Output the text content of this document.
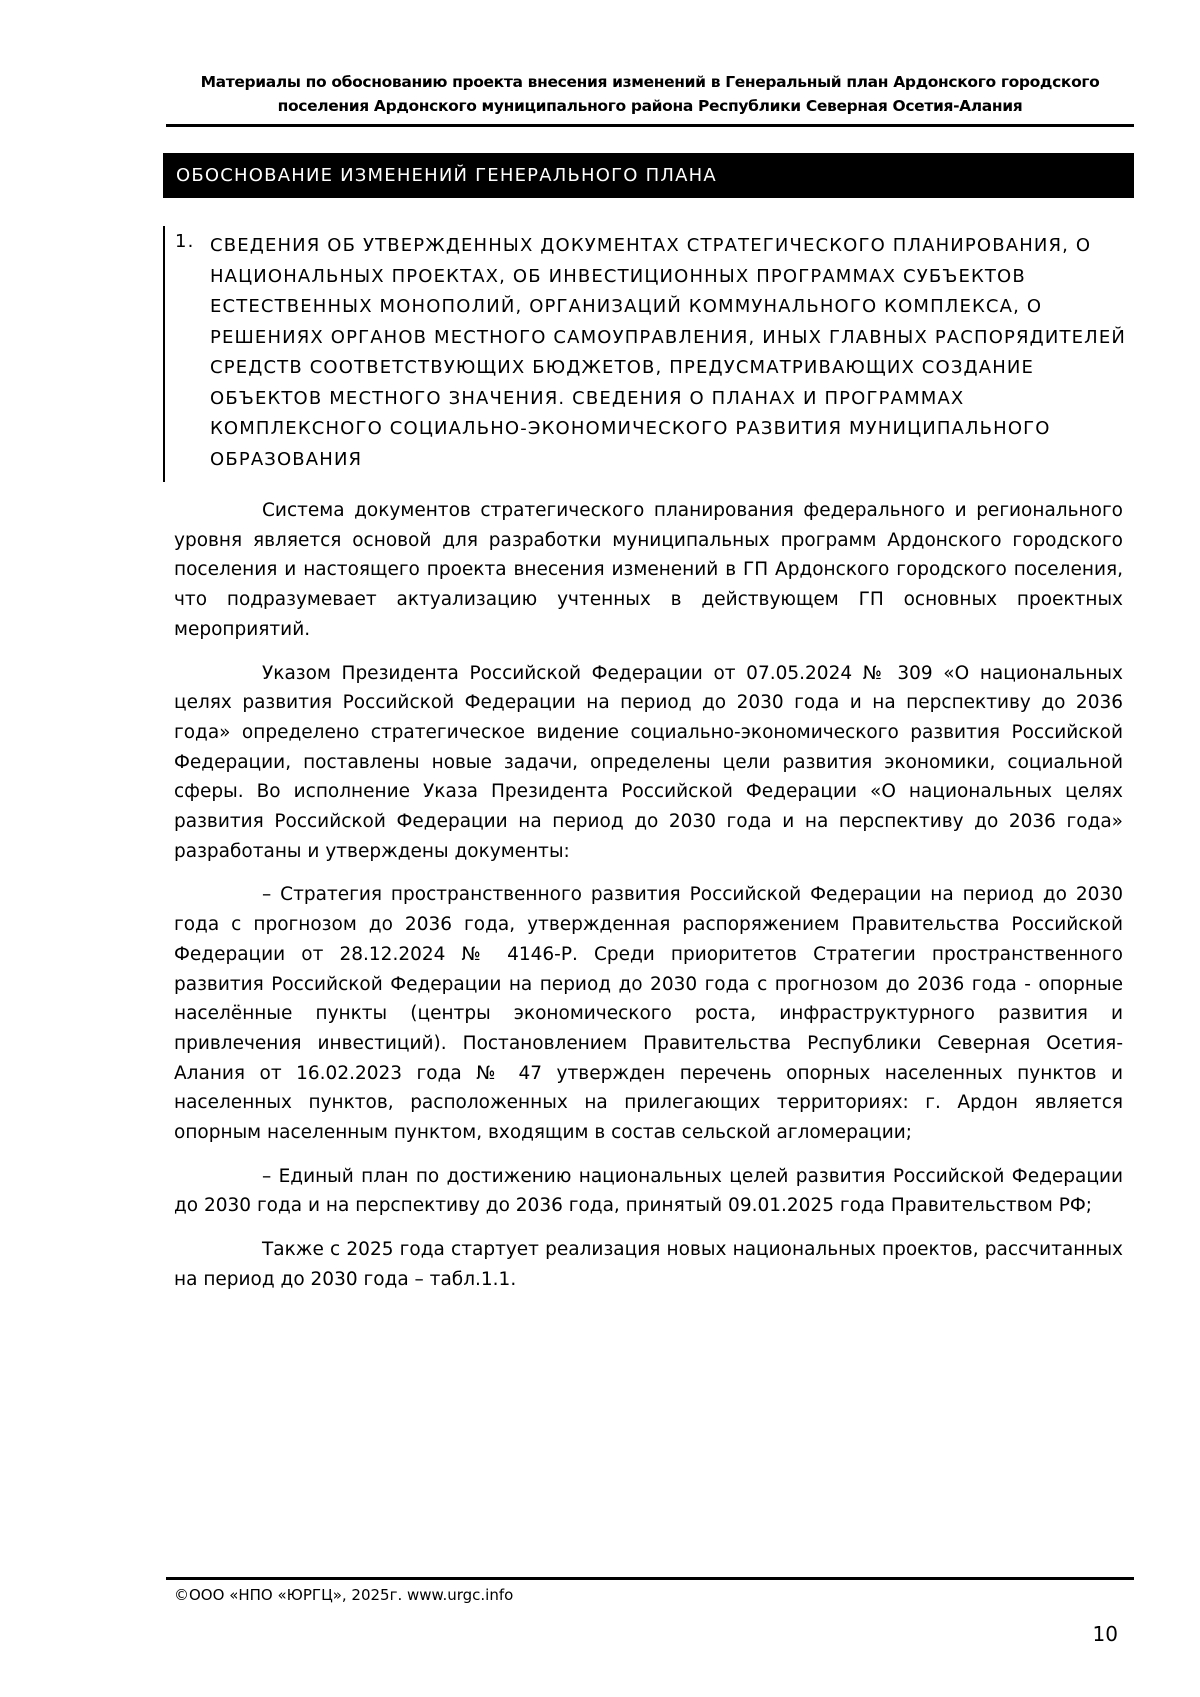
Материалы по обоснованию проекта внесения изменений в Генеральный план Ардонского городского поселения Ардонского муниципального района Республики Северная Осетия-Алания
ОБОСНОВАНИЕ ИЗМЕНЕНИЙ ГЕНЕРАЛЬНОГО ПЛАНА
1. СВЕДЕНИЯ ОБ УТВЕРЖДЕННЫХ ДОКУМЕНТАХ СТРАТЕГИЧЕСКОГО ПЛАНИРОВАНИЯ, О НАЦИОНАЛЬНЫХ ПРОЕКТАХ, ОБ ИНВЕСТИЦИОННЫХ ПРОГРАММАХ СУБЪЕКТОВ ЕСТЕСТВЕННЫХ МОНОПОЛИЙ, ОРГАНИЗАЦИЙ КОММУНАЛЬНОГО КОМПЛЕКСА, О РЕШЕНИЯХ ОРГАНОВ МЕСТНОГО САМОУПРАВЛЕНИЯ, ИНЫХ ГЛАВНЫХ РАСПОРЯДИТЕЛЕЙ СРЕДСТВ СООТВЕТСТВУЮЩИХ БЮДЖЕТОВ, ПРЕДУСМАТРИВАЮЩИХ СОЗДАНИЕ ОБЪЕКТОВ МЕСТНОГО ЗНАЧЕНИЯ. СВЕДЕНИЯ О ПЛАНАХ И ПРОГРАММАХ КОМПЛЕКСНОГО СОЦИАЛЬНО-ЭКОНОМИЧЕСКОГО РАЗВИТИЯ МУНИЦИПАЛЬНОГО ОБРАЗОВАНИЯ

Система документов стратегического планирования федерального и регионального уровня является основой для разработки муниципальных программ Ардонского городского поселения и настоящего проекта внесения изменений в ГП Ардонского городского поселения, что подразумевает актуализацию учтенных в действующем ГП основных проектных мероприятий.

Указом Президента Российской Федерации от 07.05.2024 № 309 «О национальных целях развития Российской Федерации на период до 2030 года и на перспективу до 2036 года» определено стратегическое видение социально-экономического развития Российской Федерации, поставлены новые задачи, определены цели развития экономики, социальной сферы. Во исполнение Указа Президента Российской Федерации «О национальных целях развития Российской Федерации на период до 2030 года и на перспективу до 2036 года» разработаны и утверждены документы:

– Стратегия пространственного развития Российской Федерации на период до 2030 года с прогнозом до 2036 года, утвержденная распоряжением Правительства Российской Федерации от 28.12.2024 № 4146-Р. Среди приоритетов Стратегии пространственного развития Российской Федерации на период до 2030 года с прогнозом до 2036 года - опорные населённые пункты (центры экономического роста, инфраструктурного развития и привлечения инвестиций). Постановлением Правительства Республики Северная Осетия-Алания от 16.02.2023 года № 47 утвержден перечень опорных населенных пунктов и населенных пунктов, расположенных на прилегающих территориях: г. Ардон является опорным населенным пунктом, входящим в состав сельской агломерации;

– Единый план по достижению национальных целей развития Российской Федерации до 2030 года и на перспективу до 2036 года, принятый 09.01.2025 года Правительством РФ;

Также с 2025 года стартует реализация новых национальных проектов, рассчитанных на период до 2030 года – табл.1.1.

©ООО «НПО «ЮРГЦ», 2025г. www.urgc.info
10
